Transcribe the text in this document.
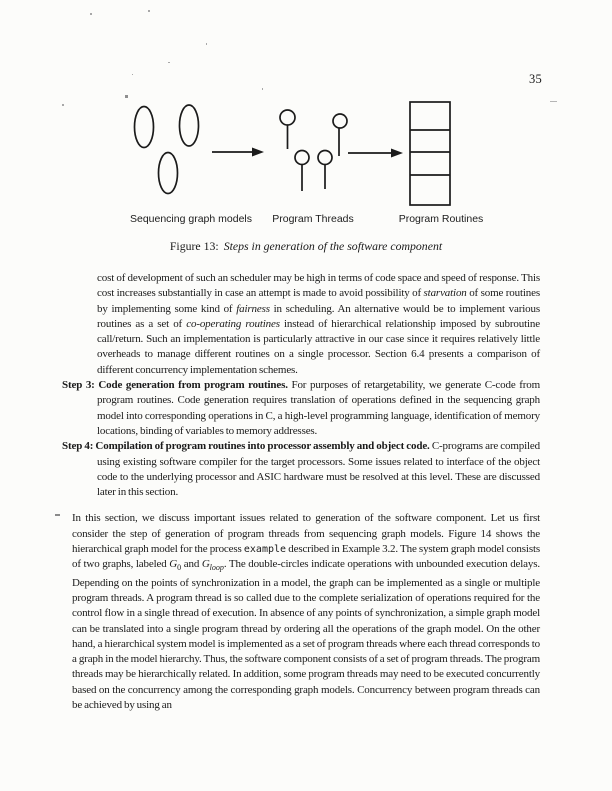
35
Sequencing graph models	Program Threads	Program Routines
Figure 13: Steps in generation of the software component

cost of development of such an scheduler may be high in terms of code space and speed of response. This cost increases substantially in case an attempt is made to avoid possibility of starvation of some routines by implementing some kind of fairness in scheduling. An alternative would be to implement various routines as a set of co-operating routines instead of hierarchical relationship imposed by subroutine call/return. Such an implementation is particularly attractive in our case since it requires relatively little overheads to manage different routines on a single processor. Section 6.4 presents a comparison of different concurrency implementation schemes.

Step 3: Code generation from program routines. For purposes of retargetability, we generate C-code from program routines. Code generation requires translation of operations defined in the sequencing graph model into corresponding operations in C, a high-level programming language, identification of memory locations, binding of variables to memory addresses.

Step 4: Compilation of program routines into processor assembly and object code. C-programs are compiled using existing software compiler for the target processors. Some issues related to interface of the object code to the underlying processor and ASIC hardware must be resolved at this level. These are discussed later in this section.

In this section, we discuss important issues related to generation of the software component. Let us first consider the step of generation of program threads from sequencing graph models. Figure 14 shows the hierarchical graph model for the process example described in Example 3.2. The system graph model consists of two graphs, labeled $G_0$ and $G_{loop}$. The double-circles indicate operations with unbounded execution delays. Depending on the points of synchronization in a model, the graph can be implemented as a single or multiple program threads. A program thread is so called due to the complete serialization of operations required for the control flow in a single thread of execution. In absence of any points of synchronization, a simple graph model can be translated into a single program thread by ordering all the operations of the graph model. On the other hand, a hierarchical system model is implemented as a set of program threads where each thread corresponds to a graph in the model hierarchy. Thus, the software component consists of a set of program threads. The program threads may be hierarchically related. In addition, some program threads may need to be executed concurrently based on the concurrency among the corresponding graph models. Concurrency between program threads can be achieved by using an
